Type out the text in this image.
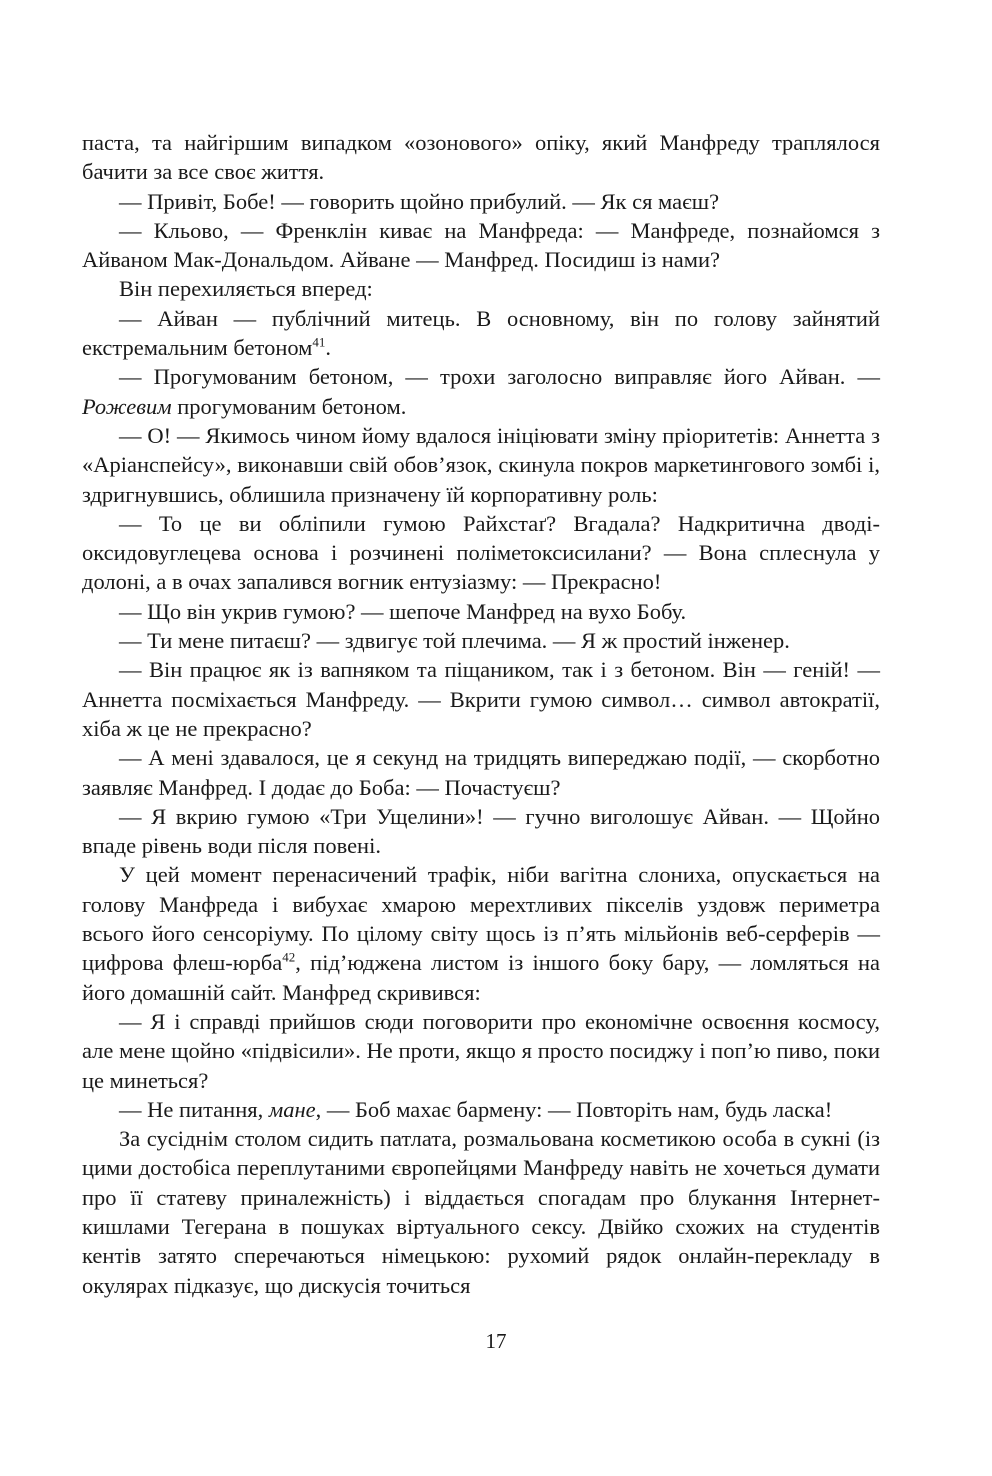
паста, та найгіршим випадком «озонового» опіку, який Манфреду траплялося бачити за все своє життя.

— Привіт, Бобе! — говорить щойно прибулий. — Як ся маєш?

— Кльово, — Френклін киває на Манфреда: — Манфреде, познайомся з Айваном Мак-Дональдом. Айване — Манфред. Посидиш із нами?

Він перехиляється вперед:

— Айван — публічний митець. В основному, він по голову зайнятий екстремальним бетоном$^{41}$.

— Прогумованим бетоном, — трохи заголосно виправляє його Айван. — Рожевим прогумованим бетоном.

— О! — Якимось чином йому вдалося ініціювати зміну пріоритетів: Аннетта з «Аріанспейсу», виконавши свій обов’язок, скинула покров маркетингового зомбі і, здригнувшись, облишила призначену їй корпоративну роль:

— То це ви обліпили гумою Райхстаґ? Вгадала? Надкритична дводіоксидовуглецева основа і розчинені поліметоксисилани? — Вона сплеснула у долоні, а в очах запалився вогник ентузіазму: — Прекрасно!

— Що він укрив гумою? — шепоче Манфред на вухо Бобу.

— Ти мене питаєш? — здвигує той плечима. — Я ж простий інженер.

— Він працює як із вапняком та піщаником, так і з бетоном. Він — геній! — Аннетта посміхається Манфреду. — Вкрити гумою символ… символ автократії, хіба ж це не прекрасно?

— А мені здавалося, це я секунд на тридцять випереджаю події, — скорботно заявляє Манфред. І додає до Боба: — Почастуєш?

— Я вкрию гумою «Три Ущелини»! — гучно виголошує Айван. — Щойно впаде рівень води після повені.

У цей момент перенасичений трафік, ніби вагітна слониха, опускається на голову Манфреда і вибухає хмарою мерехтливих пікселів уздовж периметра всього його сенсоріуму. По цілому світу щось із п’ять мільйонів веб-серферів — цифрова флеш-юрба$^{42}$, під’юджена листом із іншого боку бару, — ломляться на його домашній сайт. Манфред скривився:

— Я і справді прийшов сюди поговорити про економічне освоєння космосу, але мене щойно «підвісили». Не проти, якщо я просто посиджу і поп’ю пиво, поки це минеться?

— Не питання, мане, — Боб махає бармену: — Повторіть нам, будь ласка!

За сусіднім столом сидить патлата, розмальована косметикою особа в сукні (із цими достобіса переплутаними європейцями Манфреду навіть не хочеться думати про її статеву приналежність) і віддається спогадам про блукання Інтернет-кишлами Тегерана в пошуках віртуального сексу. Двійко схожих на студентів кентів затято сперечаються німецькою: рухомий рядок онлайн-перекладу в окулярах підказує, що дискусія точиться

17
